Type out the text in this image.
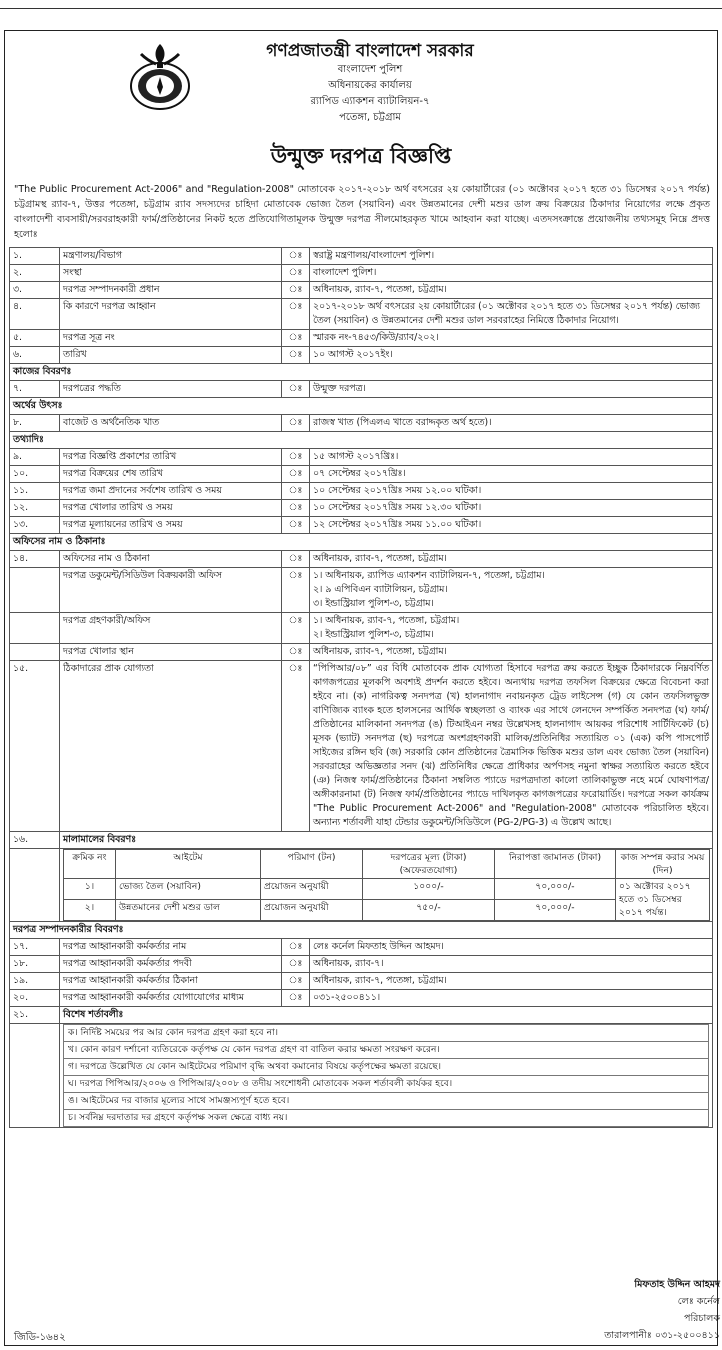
গণপ্রজাতন্ত্রী বাংলাদেশ সরকার
বাংলাদেশ পুলিশ
অধিনায়কের কার্যালয়
র‍্যাপিড এ্যাকশন ব্যাটালিয়ন-৭
পতেঙ্গা, চট্টগ্রাম
উন্মুক্ত দরপত্র বিজ্ঞপ্তি
"The Public Procurement Act-2006" and "Regulation-2008" মোতাবেক ২০১৭-২০১৮ অর্থ বৎসরের ২য় কোয়ার্টারের (০১ অক্টোবর ২০১৭ হতে ৩১ ডিসেম্বর ২০১৭ পর্যন্ত) চট্টগ্রামস্থ র‍্যাব-৭, উত্তর পতেঙ্গা, চট্টগ্রাম র‍্যাব সদস্যদের চাহিদা মোতাবেক ভোজ্য তৈল (সয়াবিন) এবং উন্নতমানের দেশী মশুর ডাল ক্রয় বিক্রয়ের ঠিকাদার নিয়োগের লক্ষে প্রকৃত বাংলাদেশী ব্যবসায়ী/সরবরাহকারী ফার্ম/প্রতিষ্ঠানের নিকট হতে প্রতিযোগিতামূলক উন্মুক্ত দরপত্র সীলমোহরকৃত খামে আহবান করা যাচ্ছে। এতদসংক্রান্তে প্রয়োজনীয় তথ্যসমূহ নিম্নে প্রদত্ত হলোঃ
১.	মন্ত্রণালয়/বিভাগ	ঃ	স্বরাষ্ট্র মন্ত্রণালয়/বাংলাদেশ পুলিশ।
২.	সংস্থা	ঃ	বাংলাদেশ পুলিশ।
৩.	দরপত্র সম্পাদনকারী প্রধান	ঃ	অধিনায়ক, র‍্যাব-৭, পতেঙ্গা, চট্টগ্রাম।
৪.	কি কারণে দরপত্র আহ্বান	ঃ	২০১৭-২০১৮ অর্থ বৎসরের ২য় কোয়ার্টারের (০১ অক্টোবর ২০১৭ হতে ৩১ ডিসেম্বর ২০১৭ পর্যন্ত) ভোজ্য তৈল (সয়াবিন) ও উন্নতমানের দেশী মশুর ডাল সরবরাহের নিমিত্তে ঠিকাদার নিয়োগ।
৫.	দরপত্র সূত্র নং	ঃ	স্মারক নং-৭৪৫৩/কিউ/র‍্যাব/২০২।
৬.	তারিখ	ঃ	১০ আগস্ট ২০১৭ইং।
কাজের বিবরণঃ
৭.	দরপত্রের পদ্ধতি	ঃ	উন্মুক্ত দরপত্র।
অর্থের উৎসঃ
৮.	বাজেট ও অর্থনৈতিক খাত	ঃ	রাজস্ব খাত (পিএলএ খাতে বরাদ্দকৃত অর্থ হতে)।
তথ্যাদিঃ
৯.	দরপত্র বিজ্ঞপ্তি প্রকাশের তারিখ	ঃ	১৫ আগস্ট ২০১৭খ্রিঃ।
১০.	দরপত্র বিক্রয়ের শেষ তারিখ	ঃ	০৭ সেপ্টেম্বর ২০১৭খ্রিঃ।
১১.	দরপত্র জমা প্রদানের সর্বশেষ তারিখ ও সময়	ঃ	১০ সেপ্টেম্বর ২০১৭খ্রিঃ সময় ১২.০০ ঘটিকা।
১২.	দরপত্র খোলার তারিখ ও সময়	ঃ	১০ সেপ্টেম্বর ২০১৭খ্রিঃ সময় ১২.৩০ ঘটিকা।
১৩.	দরপত্র মূল্যায়নের তারিখ ও সময়	ঃ	১২ সেপ্টেম্বর ২০১৭খ্রিঃ সময় ১১.০০ ঘটিকা।
অফিসের নাম ও ঠিকানাঃ
১৪.	অফিসের নাম ও ঠিকানা	ঃ	অধিনায়ক, র‍্যাব-৭, পতেঙ্গা, চট্টগ্রাম।
	দরপত্র ডকুমেন্ট/সিডিউল বিক্রয়কারী অফিস	ঃ	১। অধিনায়ক, র‍্যাপিড এ্যাকশন ব্যাটালিয়ন-৭, পতেঙ্গা, চট্টগ্রাম।
২। ৯ এপিবিএন ব্যাটালিয়ন, চট্টগ্রাম।
৩। ইন্ডাস্ট্রিয়াল পুলিশ-৩, চট্টগ্রাম।

	দরপত্র গ্রহণকারী/অফিস	ঃ	১। অধিনায়ক, র‍্যাব-৭, পতেঙ্গা, চট্টগ্রাম।
২। ইন্ডাস্ট্রিয়াল পুলিশ-৩, চট্টগ্রাম।

	দরপত্র খোলার স্থান	ঃ	অধিনায়ক, র‍্যাব-৭, পতেঙ্গা, চট্টগ্রাম।
১৫.	ঠিকাদারের প্রাক যোগ্যতা	ঃ	“পিপিআর/০৮” এর বিধি মোতাবেক প্রাক যোগ্যতা হিসাবে দরপত্র ক্রয় করতে ইচ্ছুক ঠিকাদারকে নিম্নবর্ণিত কাগজপত্রের মূলকপি অবশ্যই প্রদর্শন করতে হইবে। অন্যথায় দরপত্র তফসিল বিক্রয়ের ক্ষেত্রে বিবেচনা করা হইবে না। (ক) নাগরিকত্ব সনদপত্র (খ) হালনাগাদ নবায়নকৃত ট্রেড লাইসেন্স (গ) যে কোন তফসিলভুক্ত বাণিজ্যিক ব্যাংক হতে হালসনের আর্থিক স্বচ্ছলতা ও ব্যাংক এর সাথে লেনদেন সম্পর্কিত সনদপত্র (ঘ) ফার্ম/প্রতিষ্ঠানের মালিকানা সনদপত্র (ঙ) টিআইএন নম্বর উল্লেখসহ হালনাগাদ আয়কর পরিশোধ সার্টিফিকেট (চ) মূসক (ভ্যাট) সনদপত্র (ছ) দরপত্রে অংশগ্রহণকারী মালিক/প্রতিনিধির সত্যায়িত ০১ (এক) কপি পাসপোর্ট সাইজের রঙ্গিন ছবি (জ) সরকারি কোন প্রতিষ্ঠানের ত্রৈমাসিক ভিত্তিক মশুর ডাল এবং ভোজ্য তৈল (সয়াবিন) সরবরাহের অভিজ্ঞতার সনদ (ঝ) প্রতিনিধির ক্ষেত্রে প্রাধিকার অর্পণসহ নমুনা স্বাক্ষর সত্যায়িত করতে হইবে (ঞ) নিজস্ব ফার্ম/প্রতিষ্ঠানের ঠিকানা সম্বলিত প্যাডে দরপত্রদাতা কালো তালিকাভুক্ত নহে মর্মে ঘোষণাপত্র/অঙ্গীকারনামা (ট) নিজস্ব ফার্ম/প্রতিষ্ঠানের প্যাডে দাখিলকৃত কাগজপত্রের ফরোয়ার্ডিং। দরপত্রে সকল কার্যক্রম "The Public Procurement Act-2006" and "Regulation-2008" মোতাবেক পরিচালিত হইবে। অন্যান্য শর্তাবলী যাহা টেন্ডার ডকুমেন্ট/সিডিউলে (PG-2/PG-3) এ উল্লেখ আছে।
১৬.	মালামালের বিবরণঃ

ক্রমিক নং	আইটেম	পরিমাণ (টন)	দরপত্রের মূল্য (টাকা) (অফেরতযোগ্য)	নিরাপত্তা জামানত (টাকা)	কাজ সম্পন্ন করার সময় (দিন)
১।	ভোজ্য তৈল (সয়াবিন)	প্রয়োজন অনুযায়ী	১০০০/-	৭০,০০০/-	০১ অক্টোবর ২০১৭ হতে ৩১ ডিসেম্বর ২০১৭ পর্যন্ত।
২।	উন্নতমানের দেশী মশুর ডাল	প্রয়োজন অনুযায়ী	৭৫০/-	৭০,০০০/-

দরপত্র সম্পাদনকারীর বিবরণঃ
১৭.	দরপত্র আহ্বানকারী কর্মকর্তার নাম	ঃ	লেঃ কর্নেল মিফতাহ উদ্দিন আহমদ।
১৮.	দরপত্র আহ্বানকারী কর্মকর্তার পদবী	ঃ	অধিনায়ক, র‍্যাব-৭।
১৯.	দরপত্র আহ্বানকারী কর্মকর্তার ঠিকানা	ঃ	অধিনায়ক, র‍্যাব-৭, পতেঙ্গা, চট্টগ্রাম।
২০.	দরপত্র আহ্বানকারী কর্মকর্তার যোগাযোগের মাধ্যম	ঃ	০৩১-২৫০০৪১১।
২১.	বিশেষ শর্তাবলীঃ

ক। নির্দিষ্ট সময়ের পর আর কোন দরপত্র গ্রহণ করা হবে না।
খ। কোন কারণ দর্শানো ব্যতিরেকে কর্তৃপক্ষ যে কোন দরপত্র গ্রহণ বা বাতিল করার ক্ষমতা সংরক্ষণ করেন।
গ। দরপত্রে উল্লেখিত যে কোন আইটেমের পরিমাণ বৃদ্ধি অথবা কমানোর বিষয়ে কর্তৃপক্ষের ক্ষমতা রয়েছে।
ঘ। দরপত্র পিপিআর/২০০৬ ও পিপিআর/২০০৮ ও তদীয় সংশোধনী মোতাবেক সকল শর্তাবলী কার্যকর হবে।
ঙ। আইটেমের দর বাজার মূল্যের সাথে সামঞ্জস্যপূর্ণ হতে হবে।
চ। সর্বনিম্ন দরদাতার দর গ্রহণে কর্তৃপক্ষ সকল ক্ষেত্রে বাধ্য নয়।
মিফতাহ উদ্দিন আহমদ
লেঃ কর্নেল
পরিচালক
তারালপানীঃ ০৩১-২৫০০৪১১
জিডি-১৬৪২
